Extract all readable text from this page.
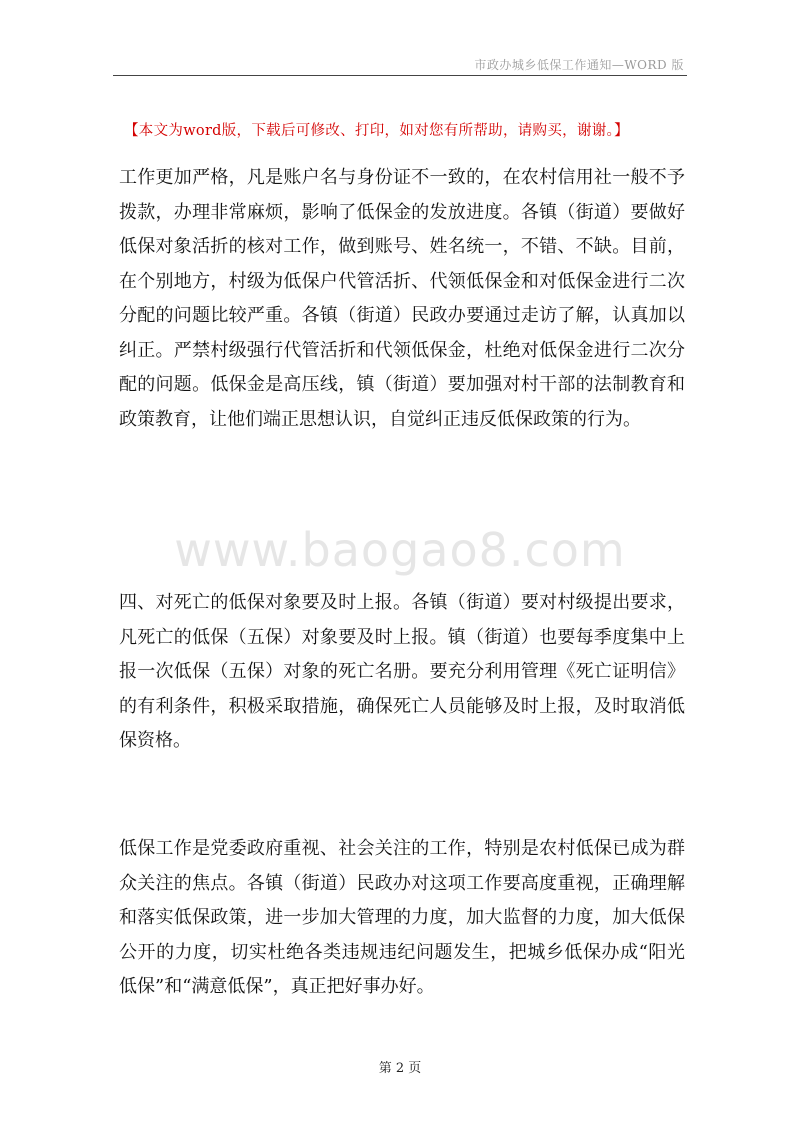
市政办城乡低保工作通知—WORD 版
【本文为word版，下载后可修改、打印，如对您有所帮助，请购买，谢谢。】

工作更加严格，凡是账户名与身份证不一致的，在农村信用社一般不予拨款，办理非常麻烦，影响了低保金的发放进度。各镇（街道）要做好低保对象活折的核对工作，做到账号、姓名统一，不错、不缺。目前，在个别地方，村级为低保户代管活折、代领低保金和对低保金进行二次分配的问题比较严重。各镇（街道）民政办要通过走访了解，认真加以纠正。严禁村级强行代管活折和代领低保金，杜绝对低保金进行二次分配的问题。低保金是高压线，镇（街道）要加强对村干部的法制教育和政策教育，让他们端正思想认识，自觉纠正违反低保政策的行为。

www.baogao8.com

四、对死亡的低保对象要及时上报。各镇（街道）要对村级提出要求，凡死亡的低保（五保）对象要及时上报。镇（街道）也要每季度集中上报一次低保（五保）对象的死亡名册。要充分利用管理《死亡证明信》的有利条件，积极采取措施，确保死亡人员能够及时上报，及时取消低保资格。

低保工作是党委政府重视、社会关注的工作，特别是农村低保已成为群众关注的焦点。各镇（街道）民政办对这项工作要高度重视，正确理解和落实低保政策，进一步加大管理的力度，加大监督的力度，加大低保公开的力度，切实杜绝各类违规违纪问题发生，把城乡低保办成“阳光低保”和“满意低保”，真正把好事办好。

第 2 页
